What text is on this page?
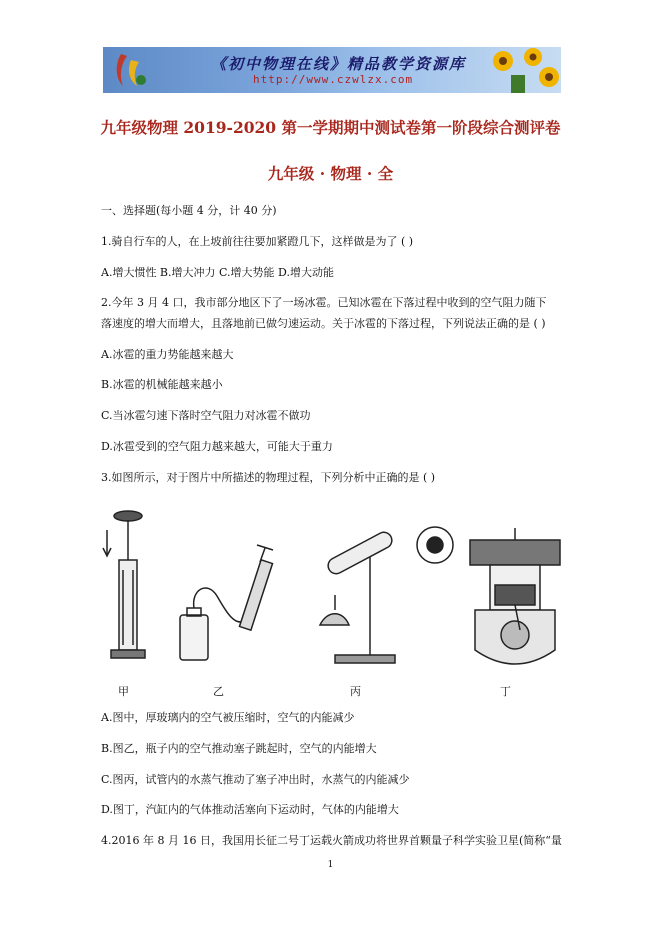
《初中物理在线》精品教学资源库
http://www.czwlzx.com
九年级物理 2019-2020 第一学期期中测试卷第一阶段综合测评卷
九年级 · 物理 · 全
一、选择题(每小题 4 分，计 40 分)
1.骑自行车的人，在上坡前往往要加紧蹬几下，这样做是为了 ( )
A.增大惯性 B.增大冲力 C.增大势能 D.增大动能
2.今年 3 月 4 口，我市部分地区下了一场冰雹。已知冰雹在下落过程中收到的空气阻力随下
落速度的增大而增大，且落地前已做匀速运动。关于冰雹的下落过程，下列说法正确的是 ( )
A.冰雹的重力势能越来越大
B.冰雹的机械能越来越小
C.当冰雹匀速下落时空气阻力对冰雹不做功
D.冰雹受到的空气阻力越来越大，可能大于重力
3.如图所示，对于图片中所描述的物理过程，下列分析中正确的是 ( )
甲	乙	丙	丁
A.图中，厚玻璃内的空气被压缩时，空气的内能减少
B.图乙，瓶子内的空气推动塞子跳起时，空气的内能增大
C.图丙，试管内的水蒸气推动了塞子冲出时，水蒸气的内能减少
D.图丁，汽缸内的气体推动活塞向下运动时，气体的内能增大
4.2016 年 8 月 16 日，我国用长征二号丁运载火箭成功将世界首颗量子科学实验卫星(简称“量
1
